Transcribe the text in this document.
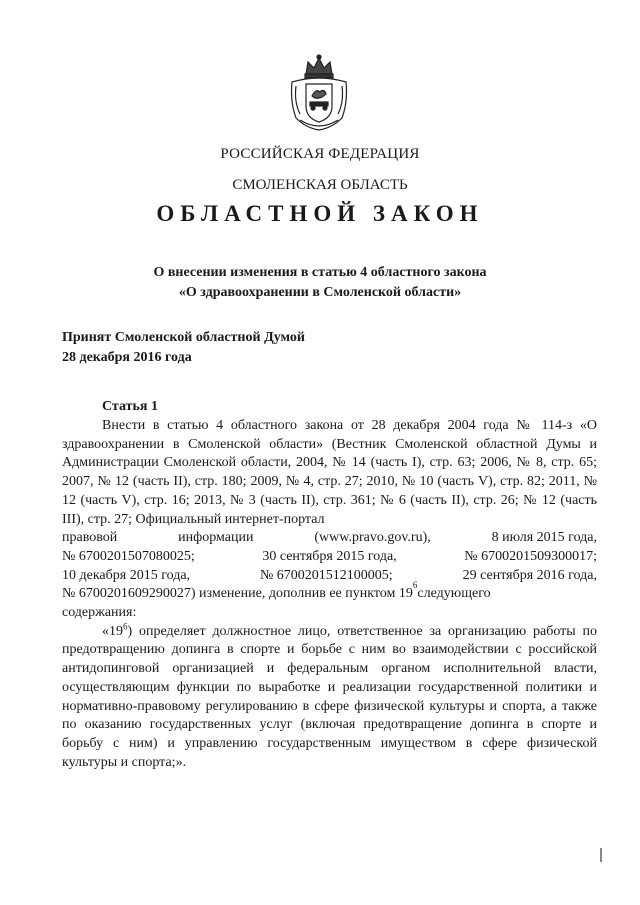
РОССИЙСКАЯ ФЕДЕРАЦИЯ
СМОЛЕНСКАЯ ОБЛАСТЬ
ОБЛАСТНОЙ ЗАКОН
О внесении изменения в статью 4 областного закона
«О здравоохранении в Смоленской области»
Принят Смоленской областной Думой
28 декабря 2016 года
Статья 1

Внести в статью 4 областного закона от 28 декабря 2004 года № 114-з «О здравоохранении в Смоленской области» (Вестник Смоленской областной Думы и Администрации Смоленской области, 2004, № 14 (часть I), стр. 63; 2006, № 8, стр. 65; 2007, № 12 (часть II), стр. 180; 2009, № 4, стр. 27; 2010, № 10 (часть V), стр. 82; 2011, № 12 (часть V), стр. 16; 2013, № 3 (часть II), стр. 361; № 6 (часть II), стр. 26; № 12 (часть III), стр. 27; Официальный интернет-портал

правовой	информации	(www.pravo.gov.ru),	8 июля 2015 года,
№ 6700201507080025;	30 сентября 2015 года,	№ 6700201509300017;
10 декабря 2015 года,	№ 6700201512100005;	29 сентября 2016 года,
№ 6700201609290027) изменение, дополнив ее пунктом 19
6
следующего
содержания:

«$19^6$) определяет должностное лицо, ответственное за организацию работы по предотвращению допинга в спорте и борьбе с ним во взаимодействии с российской антидопинговой организацией и федеральным органом исполнительной власти, осуществляющим функции по выработке и реализации государственной политики и нормативно-правовому регулированию в сфере физической культуры и спорта, а также по оказанию государственных услуг (включая предотвращение допинга в спорте и борьбу с ним) и управлению государственным имуществом в сфере физической культуры и спорта;».
